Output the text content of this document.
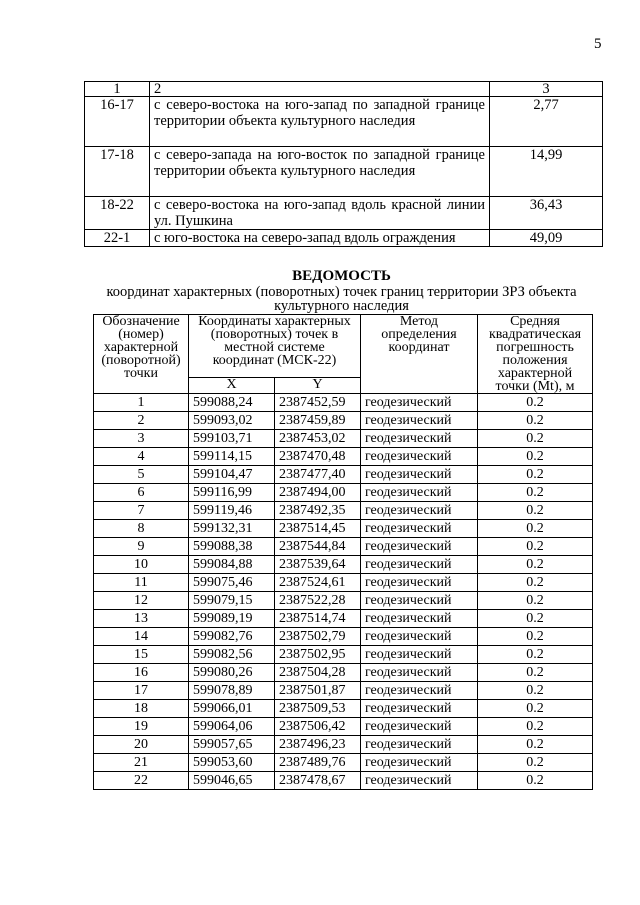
5
1	2	3
16-17	с северо-востока на юго-запад по западной границе территории объекта культурного наследия	2,77
17-18	с северо-запада на юго-восток по западной границе территории объекта культурного наследия	14,99
18-22	с северо-востока на юго-запад вдоль красной линии ул. Пушкина	36,43
22-1	с юго-востока на северо-запад вдоль ограждения	49,09
ВЕДОМОСТЬ
координат характерных (поворотных) точек границ территории ЗРЗ объекта культурного наследия
Обозначение (номер) характерной (поворотной) точки	Координаты характерных (поворотных) точек в местной системе координат (МСК-22)		Метод определения координат	Средняя квадратическая погрешность положения характерной точки (Mt), м
	X	Y		
1	599088,24	2387452,59	геодезический	0.2
2	599093,02	2387459,89	геодезический	0.2
3	599103,71	2387453,02	геодезический	0.2
4	599114,15	2387470,48	геодезический	0.2
5	599104,47	2387477,40	геодезический	0.2
6	599116,99	2387494,00	геодезический	0.2
7	599119,46	2387492,35	геодезический	0.2
8	599132,31	2387514,45	геодезический	0.2
9	599088,38	2387544,84	геодезический	0.2
10	599084,88	2387539,64	геодезический	0.2
11	599075,46	2387524,61	геодезический	0.2
12	599079,15	2387522,28	геодезический	0.2
13	599089,19	2387514,74	геодезический	0.2
14	599082,76	2387502,79	геодезический	0.2
15	599082,56	2387502,95	геодезический	0.2
16	599080,26	2387504,28	геодезический	0.2
17	599078,89	2387501,87	геодезический	0.2
18	599066,01	2387509,53	геодезический	0.2
19	599064,06	2387506,42	геодезический	0.2
20	599057,65	2387496,23	геодезический	0.2
21	599053,60	2387489,76	геодезический	0.2
22	599046,65	2387478,67	геодезический	0.2
